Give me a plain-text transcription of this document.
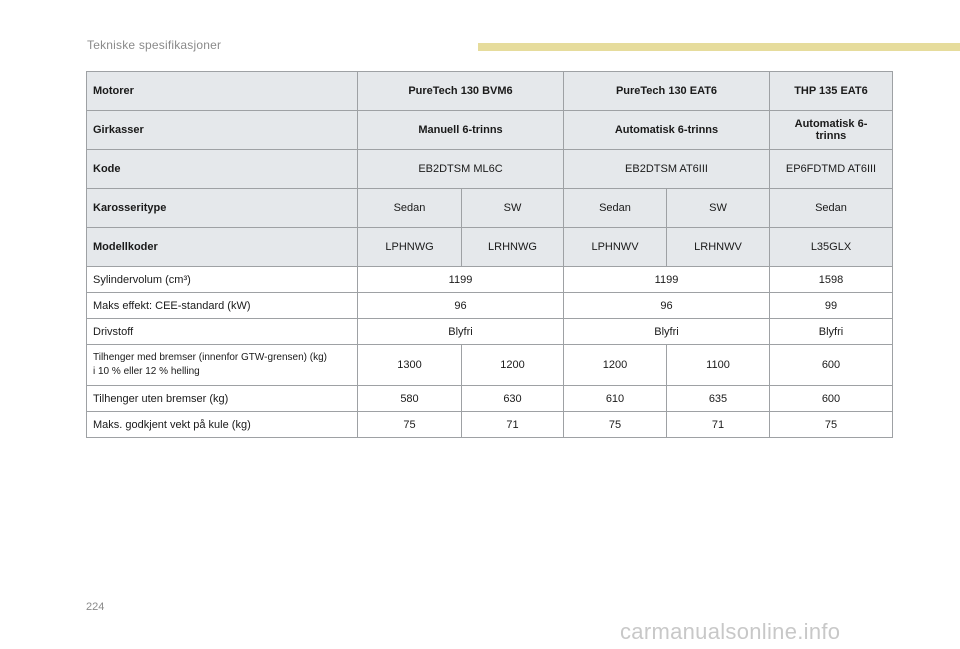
Tekniske spesifikasjoner
Motorer	PureTech 130 BVM6		PureTech 130 EAT6		THP 135 EAT6
Girkasser	Manuell 6-trinns		Automatisk 6-trinns		Automatisk 6-trinns
Kode	EB2DTSM ML6C		EB2DTSM AT6III		EP6FDTMD AT6III
Karosseritype	Sedan	SW	Sedan	SW	Sedan
Modellkoder	LPHNWG	LRHNWG	LPHNWV	LRHNWV	L35GLX
Sylindervolum (cm³)	1199		1199		1598
Maks effekt: CEE-standard (kW)	96		96		99
Drivstoff	Blyfri		Blyfri		Blyfri

Tilhenger med bremser (innenfor GTW-grensen) (kg)
i 10 % eller 12 % helling	1300	1200	1200	1100	600
Tilhenger uten bremser (kg)	580	630	610	635	600
Maks. godkjent vekt på kule (kg)	75	71	75	71	75
224
carmanualsonline.info
